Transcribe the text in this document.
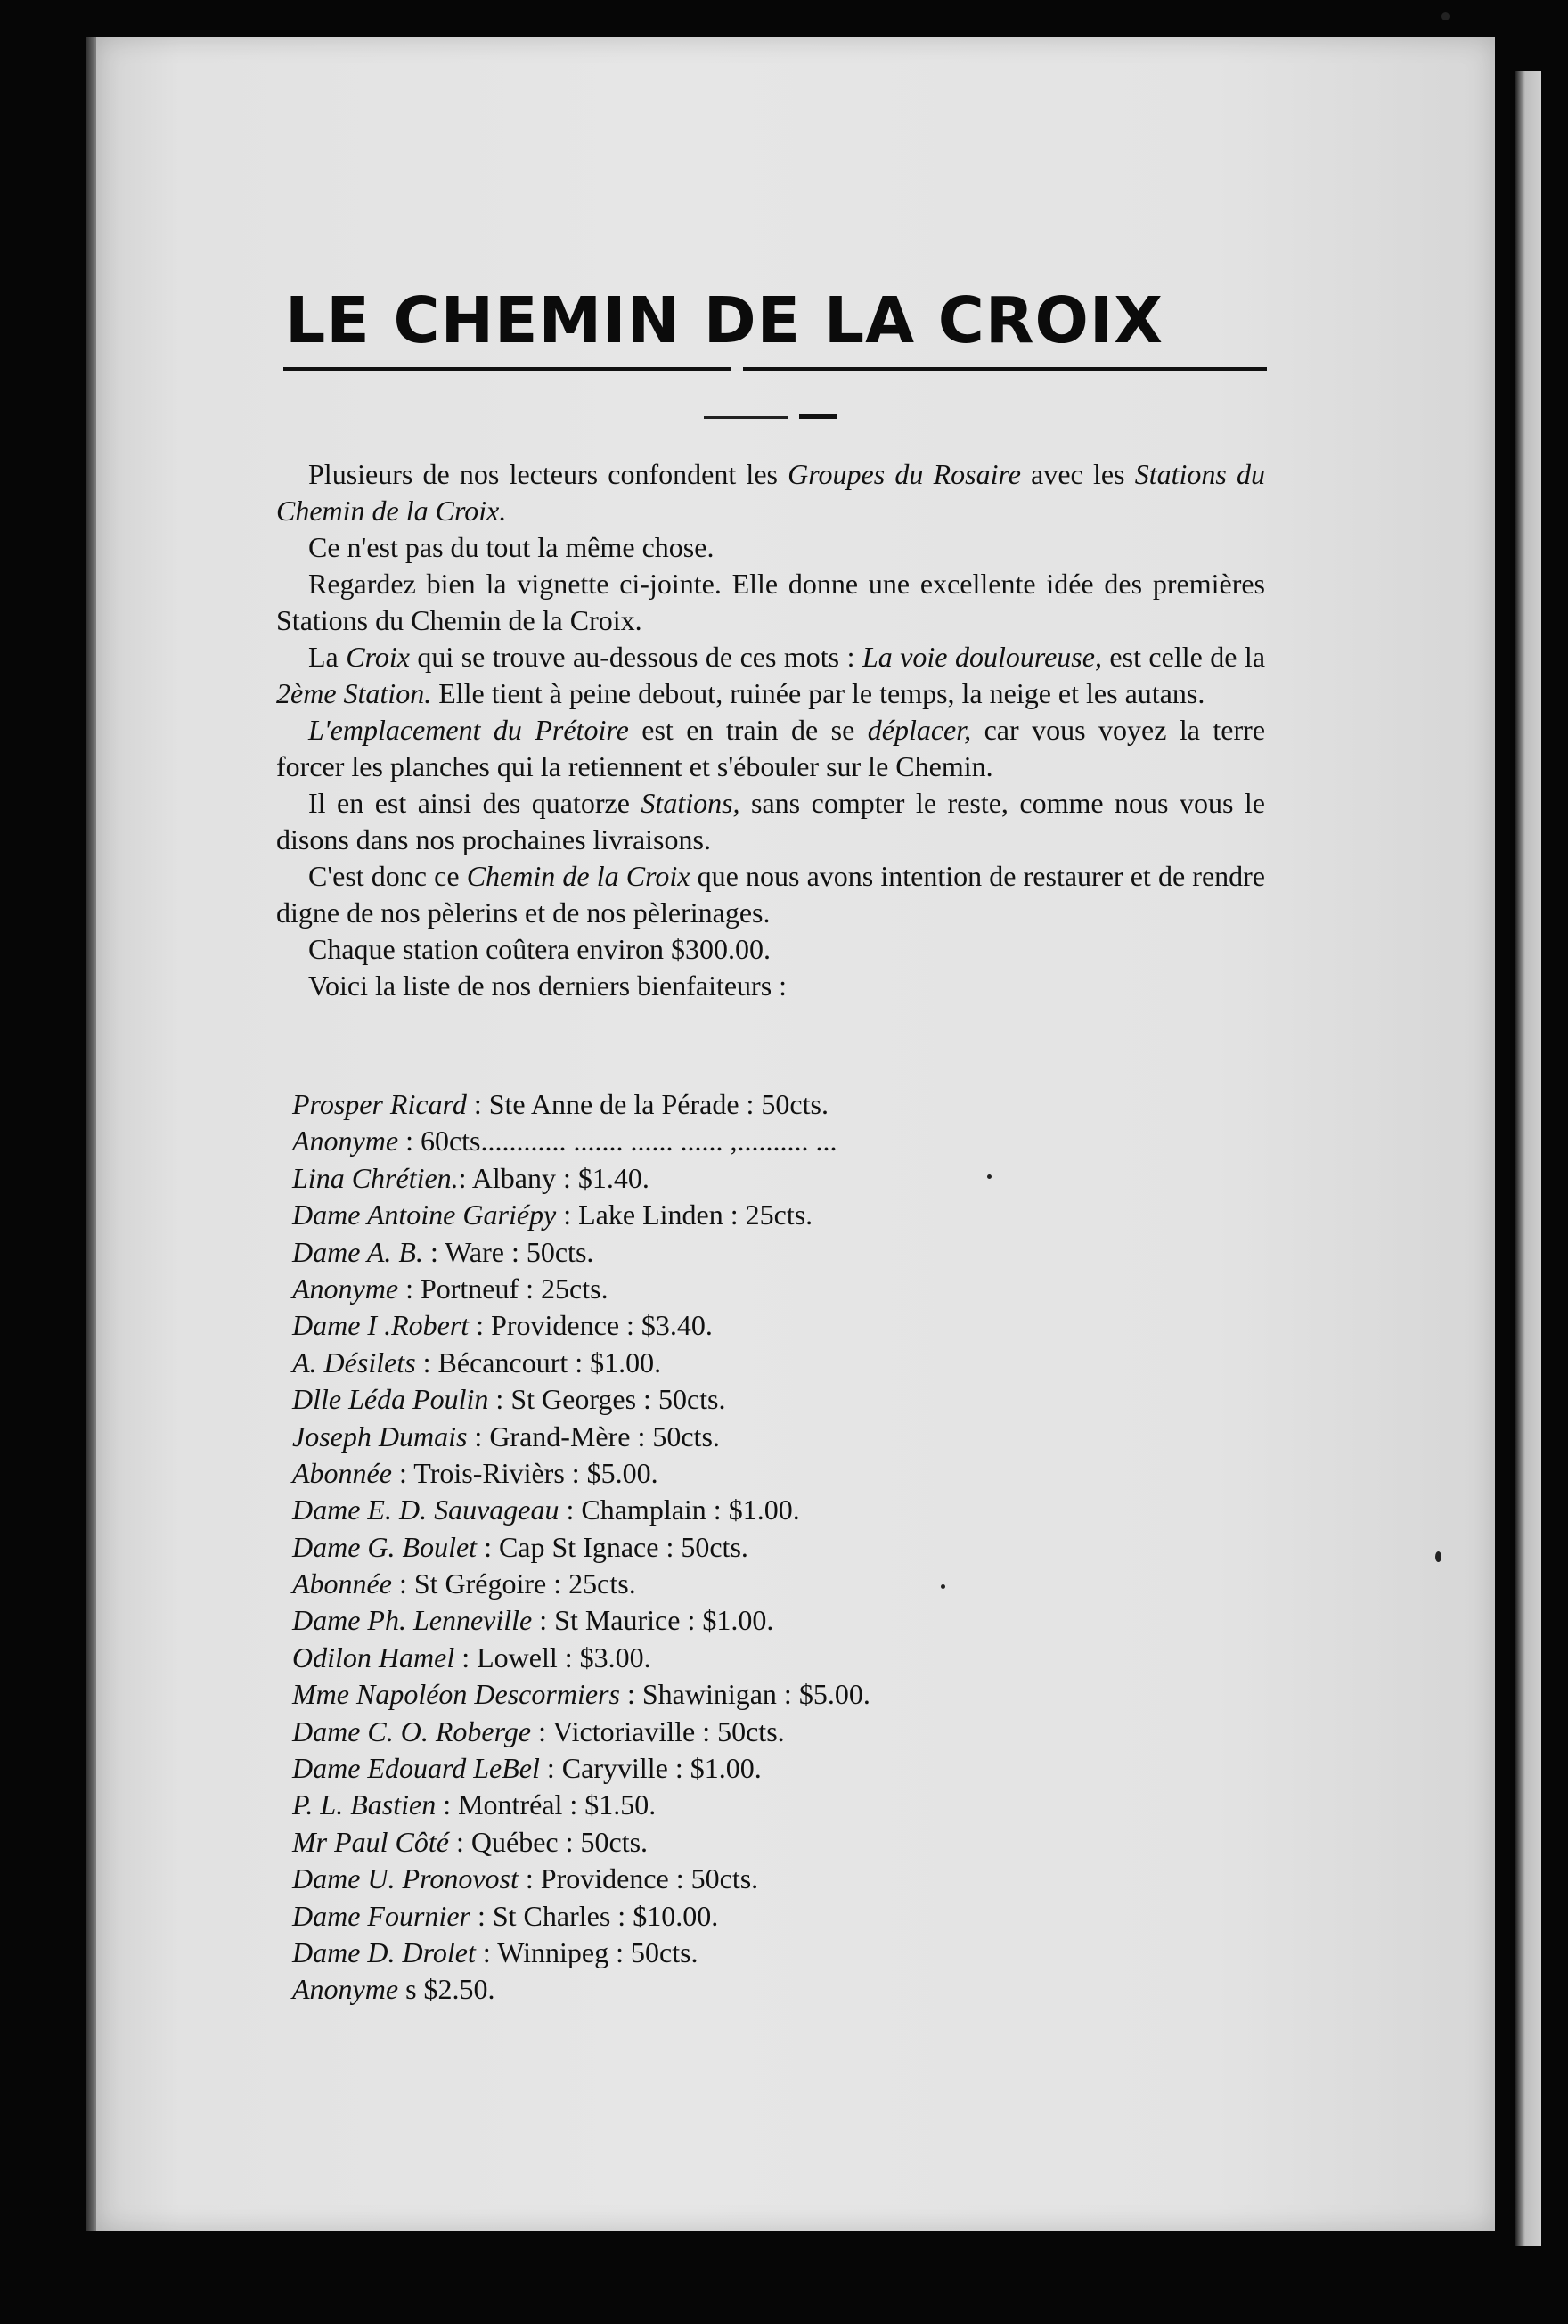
LE CHEMIN DE LA CROIX

Plusieurs de nos lecteurs confondent les Groupes du Rosaire avec les Stations du Chemin de la Croix.

Ce n'est pas du tout la même chose.

Regardez bien la vignette ci-jointe. Elle donne une excellente idée des premières Stations du Chemin de la Croix.

La Croix qui se trouve au-dessous de ces mots : La voie douloureuse, est celle de la 2ème Station. Elle tient à peine debout, ruinée par le temps, la neige et les autans.

L'emplacement du Prétoire est en train de se déplacer, car vous voyez la terre forcer les planches qui la retiennent et s'ébouler sur le Chemin.

Il en est ainsi des quatorze Stations, sans compter le reste, comme nous vous le disons dans nos prochaines livraisons.

C'est donc ce Chemin de la Croix que nous avons intention de restaurer et de rendre digne de nos pèlerins et de nos pèlerinages.

Chaque station coûtera environ $300.00.

Voici la liste de nos derniers bienfaiteurs :

Prosper Ricard : Ste Anne de la Pérade : 50cts.
Anonyme : 60cts............ ....... ...... ...... ,.......... ...
Lina Chrétien.: Albany : $1.40.
Dame Antoine Gariépy : Lake Linden : 25cts.
Dame A. B. : Ware : 50cts.
Anonyme : Portneuf : 25cts.
Dame I .Robert : Providence : $3.40.
A. Désilets : Bécancourt : $1.00.
Dlle Léda Poulin : St Georges : 50cts.
Joseph Dumais : Grand-Mère : 50cts.
Abonnée : Trois-Rivièrs : $5.00.
Dame E. D. Sauvageau : Champlain : $1.00.
Dame G. Boulet : Cap St Ignace : 50cts.
Abonnée : St Grégoire : 25cts.
Dame Ph. Lenneville : St Maurice : $1.00.
Odilon Hamel : Lowell : $3.00.
Mme Napoléon Descormiers : Shawinigan : $5.00.
Dame C. O. Roberge : Victoriaville : 50cts.
Dame Edouard LeBel : Caryville : $1.00.
P. L. Bastien : Montréal : $1.50.
Mr Paul Côté : Québec : 50cts.
Dame U. Pronovost : Providence : 50cts.
Dame Fournier : St Charles : $10.00.
Dame D. Drolet : Winnipeg : 50cts.
Anonyme s $2.50.
